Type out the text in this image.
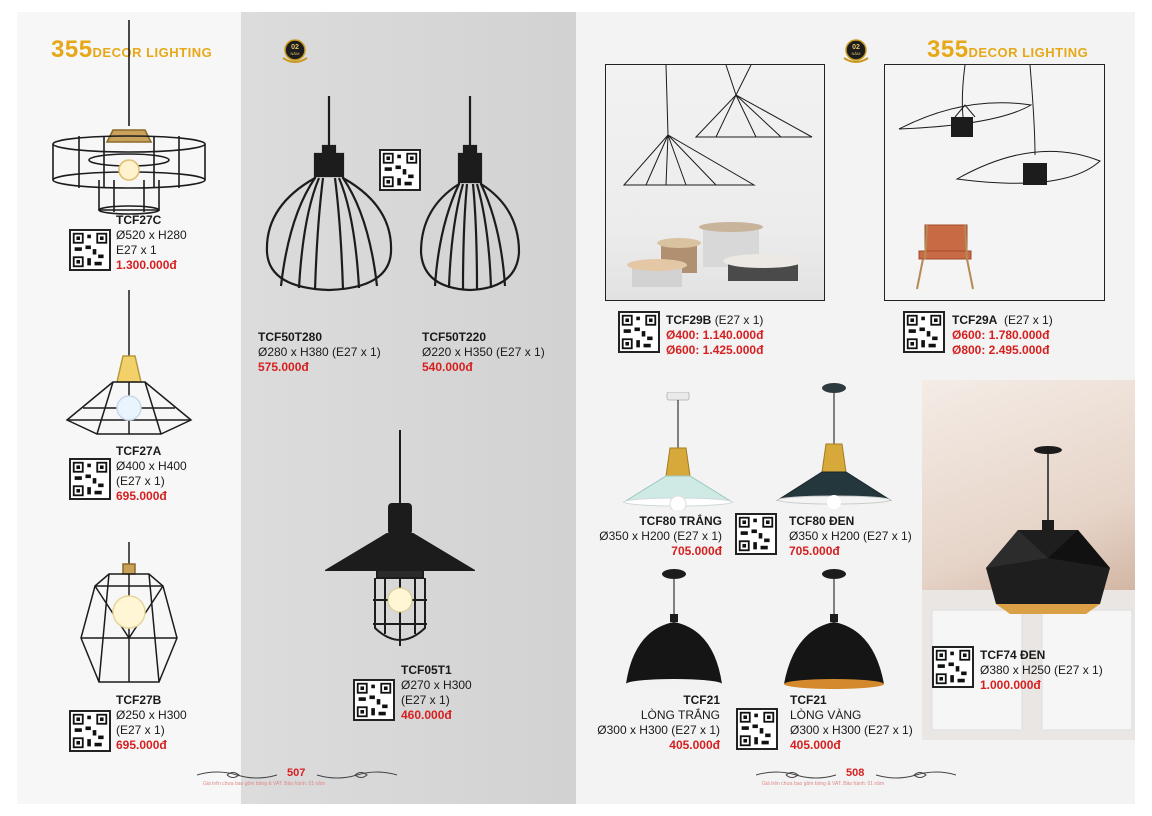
355DECOR LIGHTING	02
NĂM
TCF27C
Ø520 x H280
E27 x 1
1.300.000đ
TCF27A
Ø400 x H400
(E27 x 1)
695.000đ
TCF27B
Ø250 x H300
(E27 x 1)
695.000đ
TCF50T280
Ø280 x H380 (E27 x 1)
575.000đ
TCF50T220
Ø220 x H350 (E27 x 1)
540.000đ
TCF05T1
Ø270 x H300
(E27 x 1)
460.000đ
507
Giá trên chưa bao gồm bóng & VAT. Bảo hành: 01 năm
02
NĂM	355DECOR LIGHTING
TCF29B (E27 x 1)
Ø400: 1.140.000đ
Ø600: 1.425.000đ
TCF29A (E27 x 1)
Ø600: 1.780.000đ
Ø800: 2.495.000đ
TCF80 TRẮNG
Ø350 x H200 (E27 x 1)
705.000đ
TCF80 ĐEN
Ø350 x H200 (E27 x 1)
705.000đ
TCF21
LÒNG TRẮNG
Ø300 x H300 (E27 x 1)
405.000đ
TCF21
LÒNG VÀNG
Ø300 x H300 (E27 x 1)
405.000đ
TCF74 ĐEN
Ø380 x H250 (E27 x 1)
1.000.000đ
508
Giá trên chưa bao gồm bóng & VAT. Bảo hành: 01 năm
